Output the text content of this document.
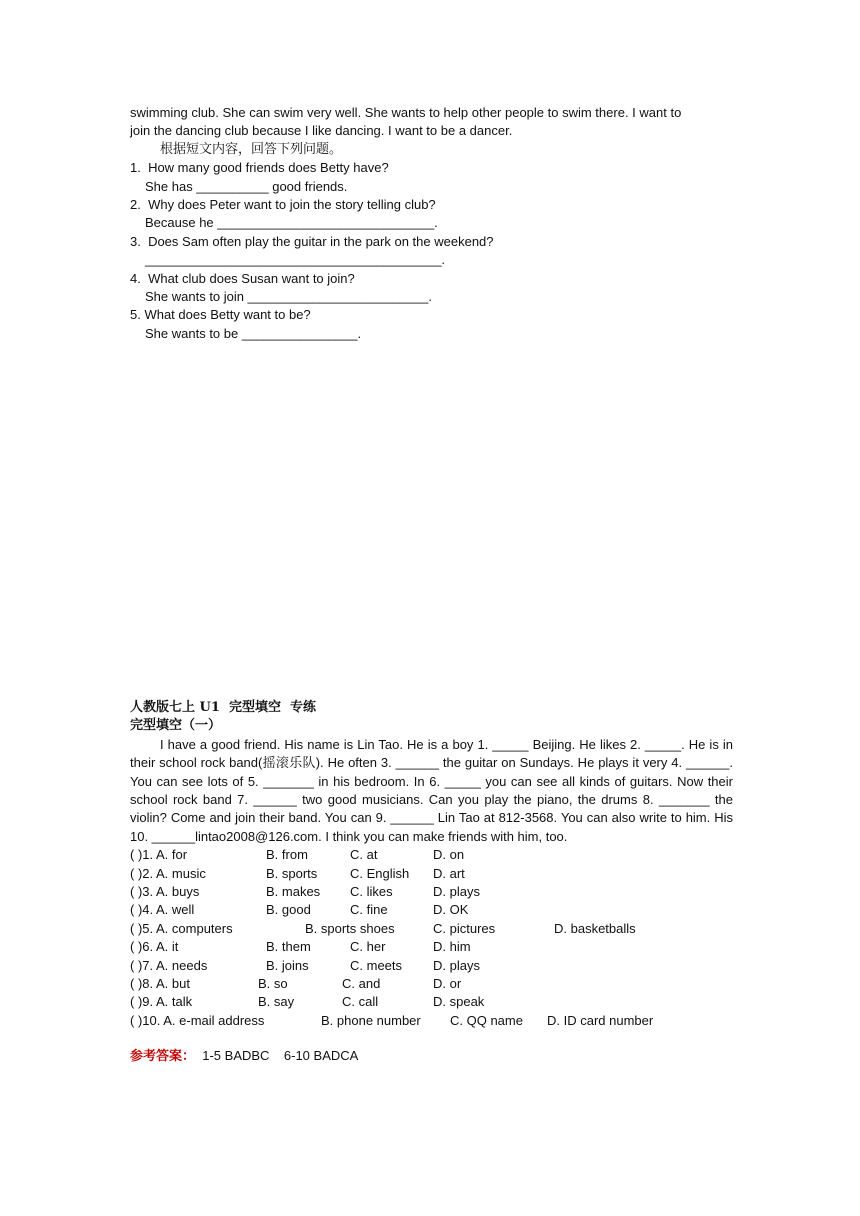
swimming club. She can swim very well. She wants to help other people to swim there. I want to
join the dancing club because I like dancing. I want to be a dancer.
根据短文内容，回答下列问题。
1.  How many good friends does Betty have?
She has __________ good friends.
2.  Why does Peter want to join the story telling club?
Because he ______________________________.
3.  Does Sam often play the guitar in the park on the weekend?
_________________________________________.
4.  What club does Susan want to join?
She wants to join _________________________.
5. What does Betty want to be?
She wants to be ________________.
人教版七上 U1  完型填空  专练
完型填空（一）
I have a good friend. His name is Lin Tao. He is a boy 1. _____ Beijing. He likes 2. _____. He is in their school rock band(摇滚乐队). He often 3. ______ the guitar on Sundays. He plays it very 4. ______. You can see lots of 5. _______ in his bedroom. In 6. _____ you can see all kinds of guitars. Now their school rock band 7. ______ two good musicians. Can you play the piano, the drums 8. _______ the violin? Come and join their band. You can 9. ______ Lin Tao at 812-3568. You can also write to him. His 10. ______lintao2008@126.com. I think you can make friends with him, too.
( )1. A. for	B. from	C. at	D. on
( )2. A. music	B. sports	C. English D. art
( )3. A. buys	B. makes C. likes	D. plays
( )4. A. well	B. good	C. fine	D. OK
( )5. A. computers	B. sports shoes	C. pictures	D. basketballs
( )6. A. it	B. them	C. her	D. him
( )7. A. needs	B. joins	C. meets D. plays
( )8. A. but	B. so	C. and	D. or
( )9. A. talk	B. say	C. call	D. speak
( )10. A. e-mail address	B. phone number C. QQ name D. ID card number
参考答案： 1-5 BADBC    6-10 BADCA
